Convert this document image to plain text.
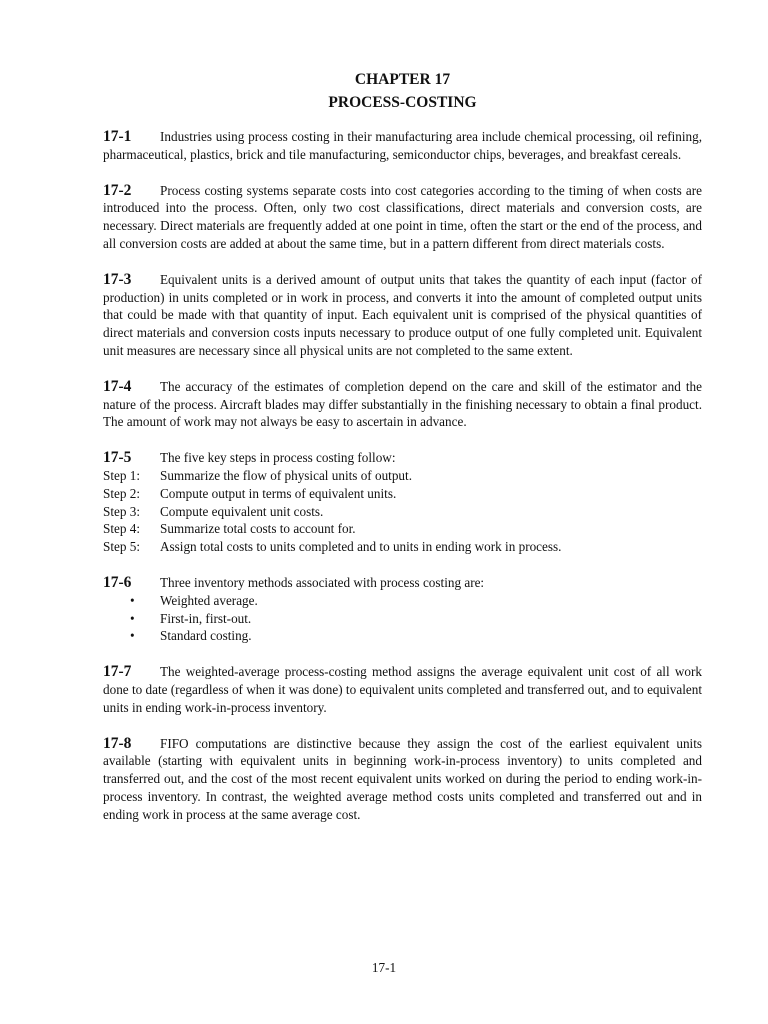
CHAPTER 17
PROCESS-COSTING

17-1 Industries using process costing in their manufacturing area include chemical processing, oil refining, pharmaceutical, plastics, brick and tile manufacturing, semiconductor chips, beverages, and breakfast cereals.

17-2 Process costing systems separate costs into cost categories according to the timing of when costs are introduced into the process. Often, only two cost classifications, direct materials and conversion costs, are necessary. Direct materials are frequently added at one point in time, often the start or the end of the process, and all conversion costs are added at about the same time, but in a pattern different from direct materials costs.

17-3 Equivalent units is a derived amount of output units that takes the quantity of each input (factor of production) in units completed or in work in process, and converts it into the amount of completed output units that could be made with that quantity of input. Each equivalent unit is comprised of the physical quantities of direct materials and conversion costs inputs necessary to produce output of one fully completed unit. Equivalent unit measures are necessary since all physical units are not completed to the same extent.

17-4 The accuracy of the estimates of completion depend on the care and skill of the estimator and the nature of the process. Aircraft blades may differ substantially in the finishing necessary to obtain a final product. The amount of work may not always be easy to ascertain in advance.

17-5 The five key steps in process costing follow:
Step 1:	Summarize the flow of physical units of output.
Step 2:	Compute output in terms of equivalent units.
Step 3:	Compute equivalent unit costs.
Step 4:	Summarize total costs to account for.
Step 5:	Assign total costs to units completed and to units in ending work in process.
17-6 Three inventory methods associated with process costing are:
•	Weighted average.
•	First-in, first-out.
•	Standard costing.

17-7 The weighted-average process-costing method assigns the average equivalent unit cost of all work done to date (regardless of when it was done) to equivalent units completed and transferred out, and to equivalent units in ending work-in-process inventory.

17-8 FIFO computations are distinctive because they assign the cost of the earliest equivalent units available (starting with equivalent units in beginning work-in-process inventory) to units completed and transferred out, and the cost of the most recent equivalent units worked on during the period to ending work-in-process inventory. In contrast, the weighted average method costs units completed and transferred out and in ending work in process at the same average cost.

17-1
